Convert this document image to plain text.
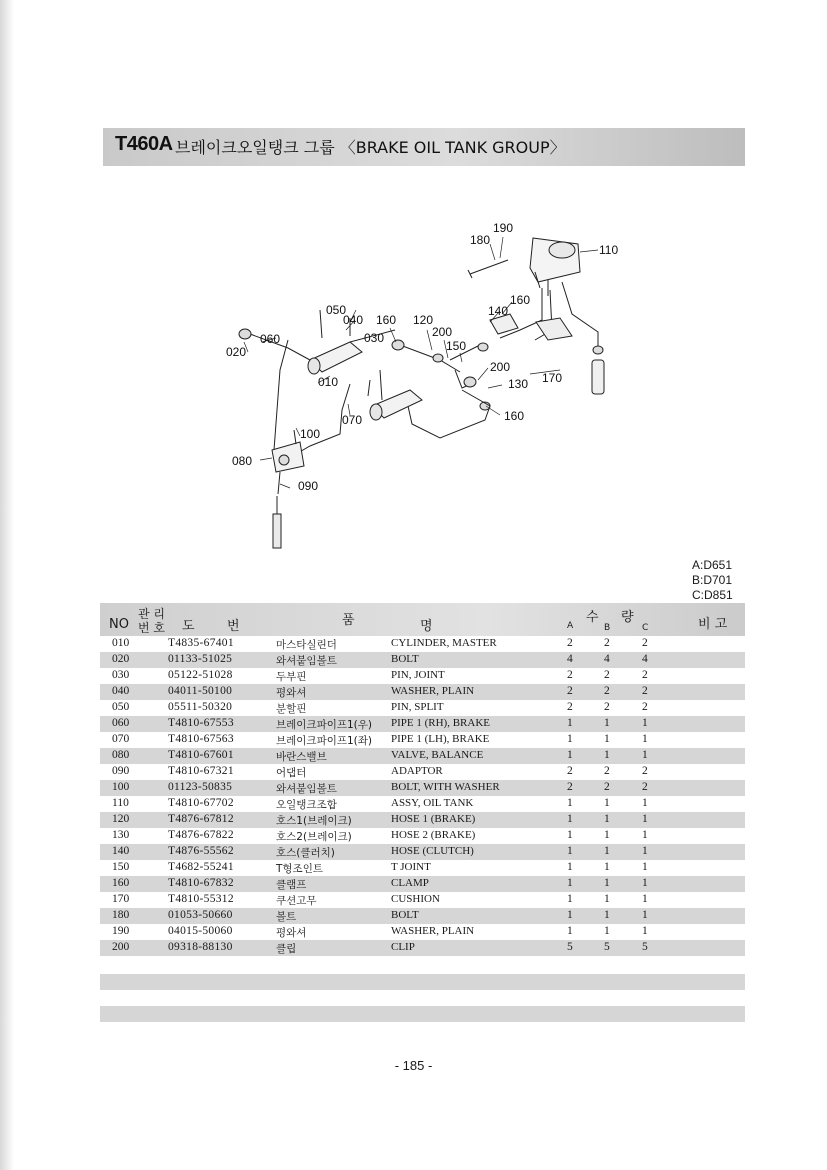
T460A 브레이크오일탱크 그룹 〈BRAKE OIL TANK GROUP〉
190
180
110
050
040 160 120
030	200
150
140
160
060
020
010
200
130 170
070	160
100
080
090
A:D651
B:D701
C:D851
NO
관 리
번 호 도 번	품	명
수 량
A	B	C	비 고
010	T4835-67401	마스타실린더	CYLINDER, MASTER	2	2	2
020	01133-51025	와셔붙임볼트	BOLT	4	4	4
030	05122-51028	두부핀	PIN, JOINT	2	2	2
040	04011-50100	평와셔	WASHER, PLAIN	2	2	2
050	05511-50320	분할핀	PIN, SPLIT	2	2	2
060	T4810-67553	브레이크파이프1(우) PIPE 1 (RH), BRAKE	1	1	1
070	T4810-67563	브레이크파이프1(좌) PIPE 1 (LH), BRAKE	1	1	1
080	T4810-67601	바란스밸브	VALVE, BALANCE	1	1	1
090	T4810-67321	어댑터	ADAPTOR	2	2	2
100	01123-50835	와셔붙임볼트	BOLT, WITH WASHER	2	2	2
110	T4810-67702	오일탱크조합	ASSY, OIL TANK	1	1	1
120	T4876-67812	호스1(브레이크)	HOSE 1 (BRAKE)	1	1	1
130	T4876-67822	호스2(브레이크)	HOSE 2 (BRAKE)	1	1	1
140	T4876-55562	호스(클러치)	HOSE (CLUTCH)	1	1	1
150	T4682-55241	T형조인트	T JOINT	1	1	1
160	T4810-67832	클램프	CLAMP	1	1	1
170	T4810-55312	쿠션고무	CUSHION	1	1	1
180	01053-50660	볼트	BOLT	1	1	1
190	04015-50060	평와셔	WASHER, PLAIN	1	1	1
200	09318-88130	클립	CLIP	5	5	5
- 185 -
